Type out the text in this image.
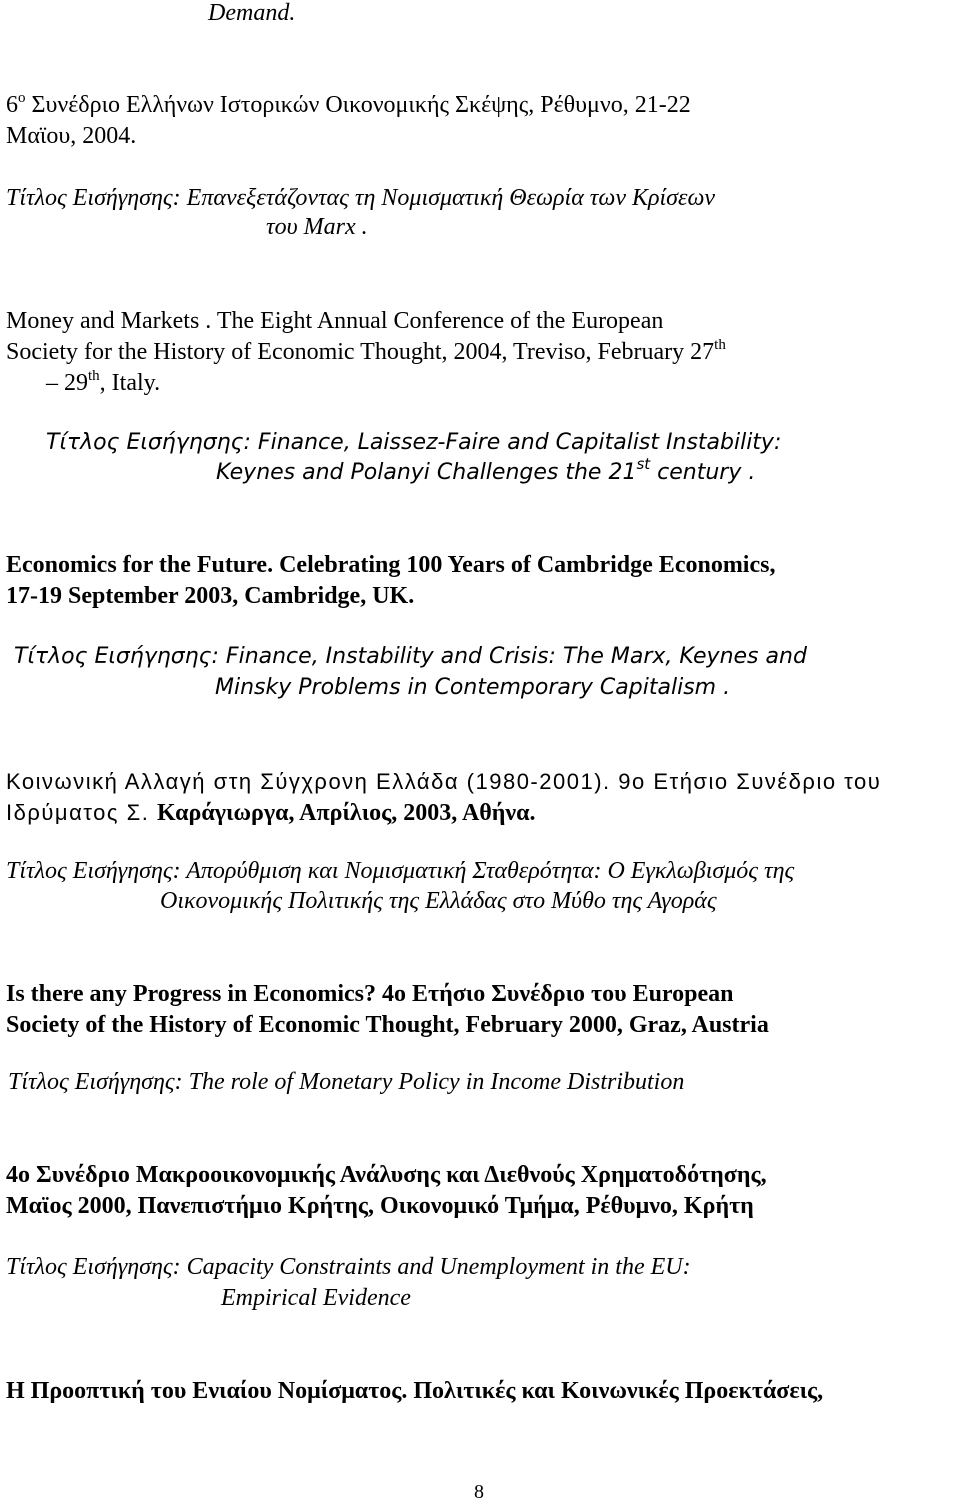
Demand.

$6^o$ Συνέδριο Ελλήνων Ιστορικών Οικονομικής Σκέψης, Ρέθυμνο, 21-22

Μαϊου, 2004.

Τίτλος Εισήγησης: Επανεξετάζοντας τη Νομισματική Θεωρία των Κρίσεων

του Marx .

Money and Markets . The Eight Annual Conference of the European

Society for the History of Economic Thought, 2004, Treviso, February 27th

– 29th, Italy.

Τίτλος Εισήγησης: Finance, Laissez-Faire and Capitalist Instability:

Keynes and Polanyi Challenges the 21st century .

Economics for the Future. Celebrating 100 Years of Cambridge Economics,

17-19 September 2003, Cambridge, UK.

Τίτλος Εισήγησης: Finance, Instability and Crisis: The Marx, Keynes and

Minsky Problems in Contemporary Capitalism .

Κοινωνική Αλλαγή στη Σύγχρονη Ελλάδα (1980-2001). 9ο Ετήσιο Συνέδριο του

Ιδρύματος Σ. Καράγιωργα, Απρίλιος, 2003, Αθήνα.

Τίτλος Εισήγησης: Απορύθμιση και Νομισματική Σταθερότητα: Ο Εγκλωβισμός της

Οικονομικής Πολιτικής της Ελλάδας στο Μύθο της Αγοράς

Is there any Progress in Economics? 4ο Ετήσιο Συνέδριο του European

Society of the History of Economic Thought, February 2000, Graz, Austria

Τίτλος Εισήγησης: The role of Monetary Policy in Income Distribution

4ο Συνέδριο Μακροοικονομικής Ανάλυσης και Διεθνούς Χρηματοδότησης,

Μαϊος 2000, Πανεπιστήμιο Κρήτης, Οικονομικό Τμήμα, Ρέθυμνο, Κρήτη

Τίτλος Εισήγησης: Capacity Constraints and Unemployment in the EU:

Empirical Evidence

Η Προοπτική του Ενιαίου Νομίσματος. Πολιτικές και Κοινωνικές Προεκτάσεις,

8
